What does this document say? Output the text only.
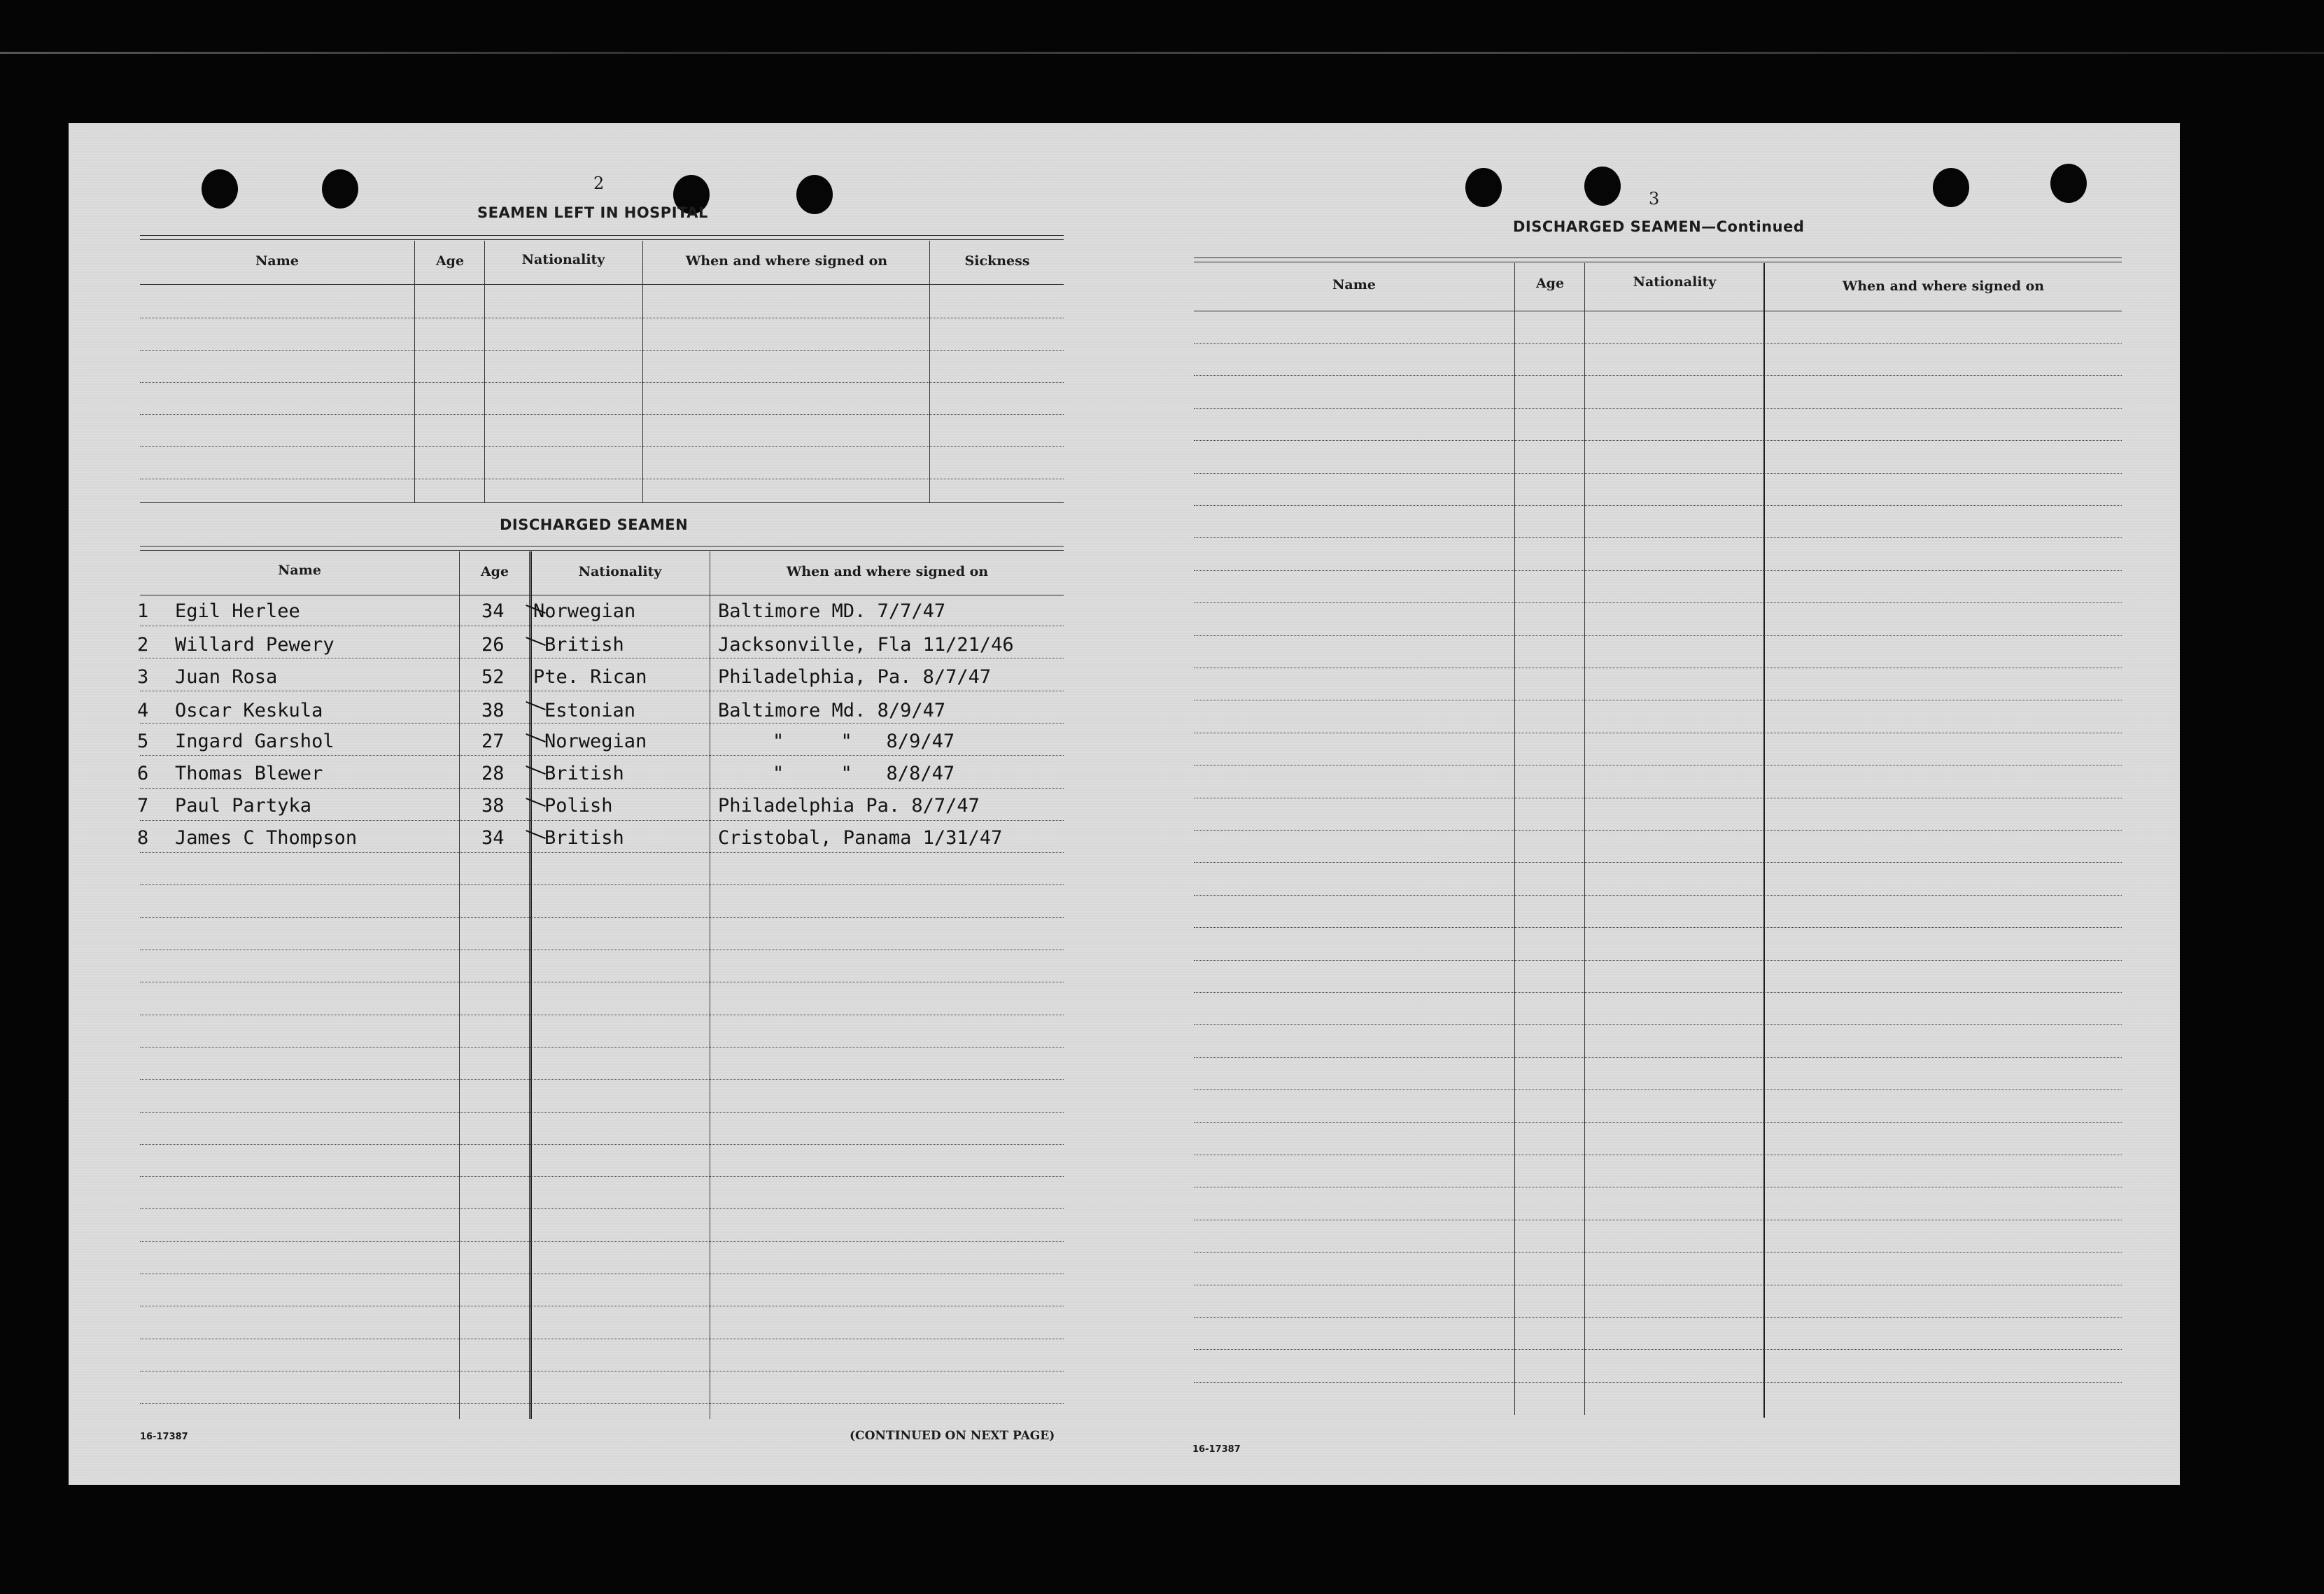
2
SEAMEN LEFT IN HOSPITAL
Name	Age	Nationality	When and where signed on	Sickness
DISCHARGED SEAMEN
Name	Age	Nationality	When and where signed on
1 Egil Herlee	34 Norwegian	Baltimore MD. 7/7/47
2 Willard Pewery	26 British	Jacksonville, Fla 11/21/46
3 Juan Rosa	52 Pte. Rican	Philadelphia, Pa. 8/7/47
4 Oscar Keskula	38 Estonian	Baltimore Md. 8/9/47
5 Ingard Garshol	27 Norwegian	"     "   8/9/47
6 Thomas Blewer	28 British	"     "   8/8/47
7 Paul Partyka	38 Polish	Philadelphia Pa. 8/7/47
8 James C Thompson	34 British	Cristobal, Panama 1/31/47
16-17387	(CONTINUED ON NEXT PAGE)
3
DISCHARGED SEAMEN—Continued
Name	Age	Nationality	When and where signed on
16-17387
